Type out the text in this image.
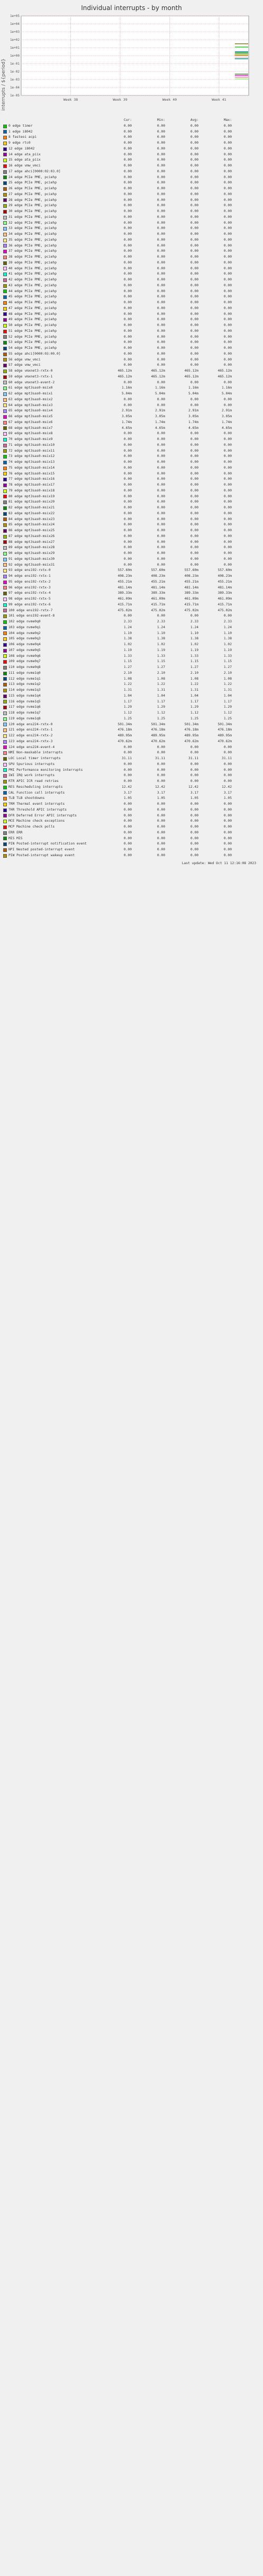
Individual interrupts - by month
interrupts / ${period}
1e+05
1e+04
1e+03
1e+02
1e+01
1e+00
1e-01
1e-02
1e-03
1e-04
1e-05
Week 38	Week 39	Week 40	Week 41
Cur:	Min:	Avg:	Max:
0 edge timer	0.00	0.00	0.00	0.00
1 edge i8042	0.00	0.00	0.00	0.00
8 fasteoi acpi	0.00	0.00	0.00	0.00
9 edge rtc0	0.00	0.00	0.00	0.00
12 edge i8042	0.00	0.00	0.00	0.00
14 edge ata_piix	0.00	0.00	0.00	0.00
15 edge ata_piix	0.00	0.00	0.00	0.00
16 edge vmw_vmci	0.00	0.00	0.00	0.00
17 edge ahci[0000:02:03.0]	0.00	0.00	0.00	0.00
24 edge PCIe PME, pciehp	0.00	0.00	0.00	0.00
25 edge PCIe PME, pciehp	0.00	0.00	0.00	0.00
26 edge PCIe PME, pciehp	0.00	0.00	0.00	0.00
27 edge PCIe PME, pciehp	0.00	0.00	0.00	0.00
28 edge PCIe PME, pciehp	0.00	0.00	0.00	0.00
29 edge PCIe PME, pciehp	0.00	0.00	0.00	0.00
30 edge PCIe PME, pciehp	0.00	0.00	0.00	0.00
31 edge PCIe PME, pciehp	0.00	0.00	0.00	0.00
32 edge PCIe PME, pciehp	0.00	0.00	0.00	0.00
33 edge PCIe PME, pciehp	0.00	0.00	0.00	0.00
34 edge PCIe PME, pciehp	0.00	0.00	0.00	0.00
35 edge PCIe PME, pciehp	0.00	0.00	0.00	0.00
36 edge PCIe PME, pciehp	0.00	0.00	0.00	0.00
37 edge PCIe PME, pciehp	0.00	0.00	0.00	0.00
38 edge PCIe PME, pciehp	0.00	0.00	0.00	0.00
39 edge PCIe PME, pciehp	0.00	0.00	0.00	0.00
40 edge PCIe PME, pciehp	0.00	0.00	0.00	0.00
41 edge PCIe PME, pciehp	0.00	0.00	0.00	0.00
42 edge PCIe PME, pciehp	0.00	0.00	0.00	0.00
43 edge PCIe PME, pciehp	0.00	0.00	0.00	0.00
44 edge PCIe PME, pciehp	0.00	0.00	0.00	0.00
45 edge PCIe PME, pciehp	0.00	0.00	0.00	0.00
46 edge PCIe PME, pciehp	0.00	0.00	0.00	0.00
47 edge PCIe PME, pciehp	0.00	0.00	0.00	0.00
48 edge PCIe PME, pciehp	0.00	0.00	0.00	0.00
49 edge PCIe PME, pciehp	0.00	0.00	0.00	0.00
50 edge PCIe PME, pciehp	0.00	0.00	0.00	0.00
51 edge PCIe PME, pciehp	0.00	0.00	0.00	0.00
52 edge PCIe PME, pciehp	0.00	0.00	0.00	0.00
53 edge PCIe PME, pciehp	0.00	0.00	0.00	0.00
54 edge PCIe PME, pciehp	0.00	0.00	0.00	0.00
55 edge ahci[0000:03:00.0]	0.00	0.00	0.00	0.00
56 edge vmw_vmci	0.00	0.00	0.00	0.00
57 edge vmw_vmci	0.00	0.00	0.00	0.00
58 edge vmxnet3-rxtx-0	465.12m	465.12m	465.12m	465.12m
59 edge vmxnet3-rxtx-1	465.12m	465.12m	465.12m	465.12m
60 edge vmxnet3-event-2	0.00	0.00	0.00	0.00
61 edge mpt3sas0-msix0	1.16m	1.16m	1.16m	1.16m
62 edge mpt3sas0-msix1	5.04m	5.04m	5.04m	5.04m
63 edge mpt3sas0-msix2	0.00	0.00	0.00	0.00
64 edge mpt3sas0-msix3	0.00	0.00	0.00	0.00
65 edge mpt3sas0-msix4	2.91m	2.91m	2.91m	2.91m
66 edge mpt3sas0-msix5	3.05m	3.05m	3.05m	3.05m
67 edge mpt3sas0-msix6	1.74m	1.74m	1.74m	1.74m
68 edge mpt3sas0-msix7	4.65m	4.65m	4.65m	4.65m
69 edge mpt3sas0-msix8	0.00	0.00	0.00	0.00
70 edge mpt3sas0-msix9	0.00	0.00	0.00	0.00
71 edge mpt3sas0-msix10	0.00	0.00	0.00	0.00
72 edge mpt3sas0-msix11	0.00	0.00	0.00	0.00
73 edge mpt3sas0-msix12	0.00	0.00	0.00	0.00
74 edge mpt3sas0-msix13	0.00	0.00	0.00	0.00
75 edge mpt3sas0-msix14	0.00	0.00	0.00	0.00
76 edge mpt3sas0-msix15	0.00	0.00	0.00	0.00
77 edge mpt3sas0-msix16	0.00	0.00	0.00	0.00
78 edge mpt3sas0-msix17	0.00	0.00	0.00	0.00
79 edge mpt3sas0-msix18	0.00	0.00	0.00	0.00
80 edge mpt3sas0-msix19	0.00	0.00	0.00	0.00
81 edge mpt3sas0-msix20	0.00	0.00	0.00	0.00
82 edge mpt3sas0-msix21	0.00	0.00	0.00	0.00
83 edge mpt3sas0-msix22	0.00	0.00	0.00	0.00
84 edge mpt3sas0-msix23	0.00	0.00	0.00	0.00
85 edge mpt3sas0-msix24	0.00	0.00	0.00	0.00
86 edge mpt3sas0-msix25	0.00	0.00	0.00	0.00
87 edge mpt3sas0-msix26	0.00	0.00	0.00	0.00
88 edge mpt3sas0-msix27	0.00	0.00	0.00	0.00
89 edge mpt3sas0-msix28	0.00	0.00	0.00	0.00
90 edge mpt3sas0-msix29	0.00	0.00	0.00	0.00
91 edge mpt3sas0-msix30	0.00	0.00	0.00	0.00
92 edge mpt3sas0-msix31	0.00	0.00	0.00	0.00
93 edge ens192-rxtx-0	557.60m	557.60m	557.60m	557.60m
94 edge ens192-rxtx-1	408.23m	408.23m	408.23m	408.23m
95 edge ens192-rxtx-2	455.21m	455.21m	455.21m	455.21m
96 edge ens192-rxtx-3	481.14m	481.14m	481.14m	481.14m
97 edge ens192-rxtx-4	389.33m	389.33m	389.33m	389.33m
98 edge ens192-rxtx-5	461.09m	461.09m	461.09m	461.09m
99 edge ens192-rxtx-6	415.71m	415.71m	415.71m	415.71m
100 edge ens192-rxtx-7	475.02m	475.02m	475.02m	475.02m
101 edge ens192-event-8	0.00	0.00	0.00	0.00
102 edge nvme0q0	2.33	2.33	2.33	2.33
103 edge nvme0q1	1.24	1.24	1.24	1.24
104 edge nvme0q2	1.10	1.10	1.10	1.10
105 edge nvme0q3	1.38	1.38	1.38	1.38
106 edge nvme0q4	1.02	1.02	1.02	1.02
107 edge nvme0q5	1.19	1.19	1.19	1.19
108 edge nvme0q6	1.33	1.33	1.33	1.33
109 edge nvme0q7	1.15	1.15	1.15	1.15
110 edge nvme0q8	1.27	1.27	1.27	1.27
111 edge nvme1q0	2.10	2.10	2.10	2.10
112 edge nvme1q1	1.08	1.08	1.08	1.08
113 edge nvme1q2	1.22	1.22	1.22	1.22
114 edge nvme1q3	1.31	1.31	1.31	1.31
115 edge nvme1q4	1.04	1.04	1.04	1.04
116 edge nvme1q5	1.17	1.17	1.17	1.17
117 edge nvme1q6	1.29	1.29	1.29	1.29
118 edge nvme1q7	1.12	1.12	1.12	1.12
119 edge nvme1q8	1.25	1.25	1.25	1.25
120 edge ens224-rxtx-0	501.34m	501.34m	501.34m	501.34m
121 edge ens224-rxtx-1	476.18m	476.18m	476.18m	476.18m
122 edge ens224-rxtx-2	489.95m	489.95m	489.95m	489.95m
123 edge ens224-rxtx-3	470.62m	470.62m	470.62m	470.62m
124 edge ens224-event-4	0.00	0.00	0.00	0.00
NMI Non-maskable interrupts	0.00	0.00	0.00	0.00
LOC Local timer interrupts	31.11	31.11	31.11	31.11
SPU Spurious interrupts	0.00	0.00	0.00	0.00
PMI Performance monitoring interrupts	0.00	0.00	0.00	0.00
IWI IRQ work interrupts	0.00	0.00	0.00	0.00
RTR APIC ICR read retries	0.00	0.00	0.00	0.00
RES Rescheduling interrupts	12.42	12.42	12.42	12.42
CAL Function call interrupts	3.17	3.17	3.17	3.17
TLB TLB shootdowns	1.05	1.05	1.05	1.05
TRM Thermal event interrupts	0.00	0.00	0.00	0.00
THR Threshold APIC interrupts	0.00	0.00	0.00	0.00
DFR Deferred Error APIC interrupts	0.00	0.00	0.00	0.00
MCE Machine check exceptions	0.00	0.00	0.00	0.00
MCP Machine check polls	0.00	0.00	0.00	0.00
ERR ERR	0.00	0.00	0.00	0.00
MIS MIS	0.00	0.00	0.00	0.00
PIN Posted-interrupt notification event	0.00	0.00	0.00	0.00
NPI Nested posted-interrupt event	0.00	0.00	0.00	0.00
PIW Posted-interrupt wakeup event	0.00	0.00	0.00	0.00
Last update: Wed Oct 11 12:16:08 2023
